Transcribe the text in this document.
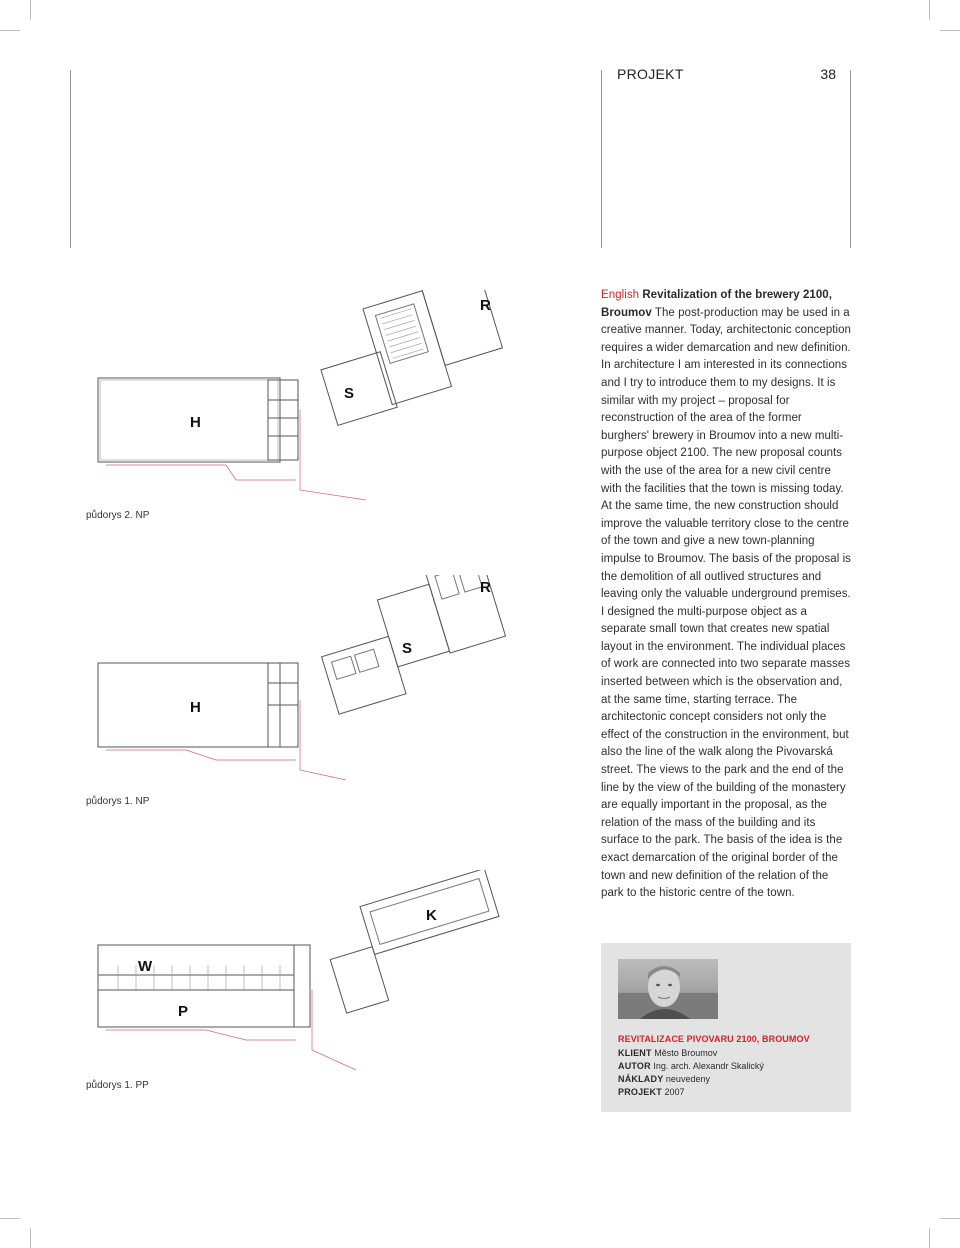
PROJEKT	38
H
S
R
půdorys 2. NP
H
S
R
půdorys 1. NP
W
P
K
půdorys 1. PP
English Revitalization of the brewery 2100, Broumov The post-production may be used in a creative manner. Today, architectonic conception requires a wider demarcation and new definition. In architecture I am interested in its connections and I try to introduce them to my designs. It is similar with my project – proposal for reconstruction of the area of the former burghers' brewery in Broumov into a new multi-purpose object 2100. The new proposal counts with the use of the area for a new civil centre with the facilities that the town is missing today. At the same time, the new construction should improve the valuable territory close to the centre of the town and give a new town-planning impulse to Broumov. The basis of the proposal is the demolition of all outlived structures and leaving only the valuable underground premises. I designed the multi-purpose object as a separate small town that creates new spatial layout in the environment. The individual places of work are connected into two separate masses inserted between which is the observation and, at the same time, starting terrace. The architectonic concept considers not only the effect of the construction in the environment, but also the line of the walk along the Pivovarská street. The views to the park and the end of the line by the view of the building of the monastery are equally important in the proposal, as the relation of the mass of the building and its surface to the park. The basis of the idea is the exact demarcation of the original border of the town and new definition of the relation of the park to the historic centre of the town.
REVITALIZACE PIVOVARU 2100, BROUMOV
KLIENT Město Broumov
AUTOR Ing. arch. Alexandr Skalický
NÁKLADY neuvedeny
PROJEKT 2007
